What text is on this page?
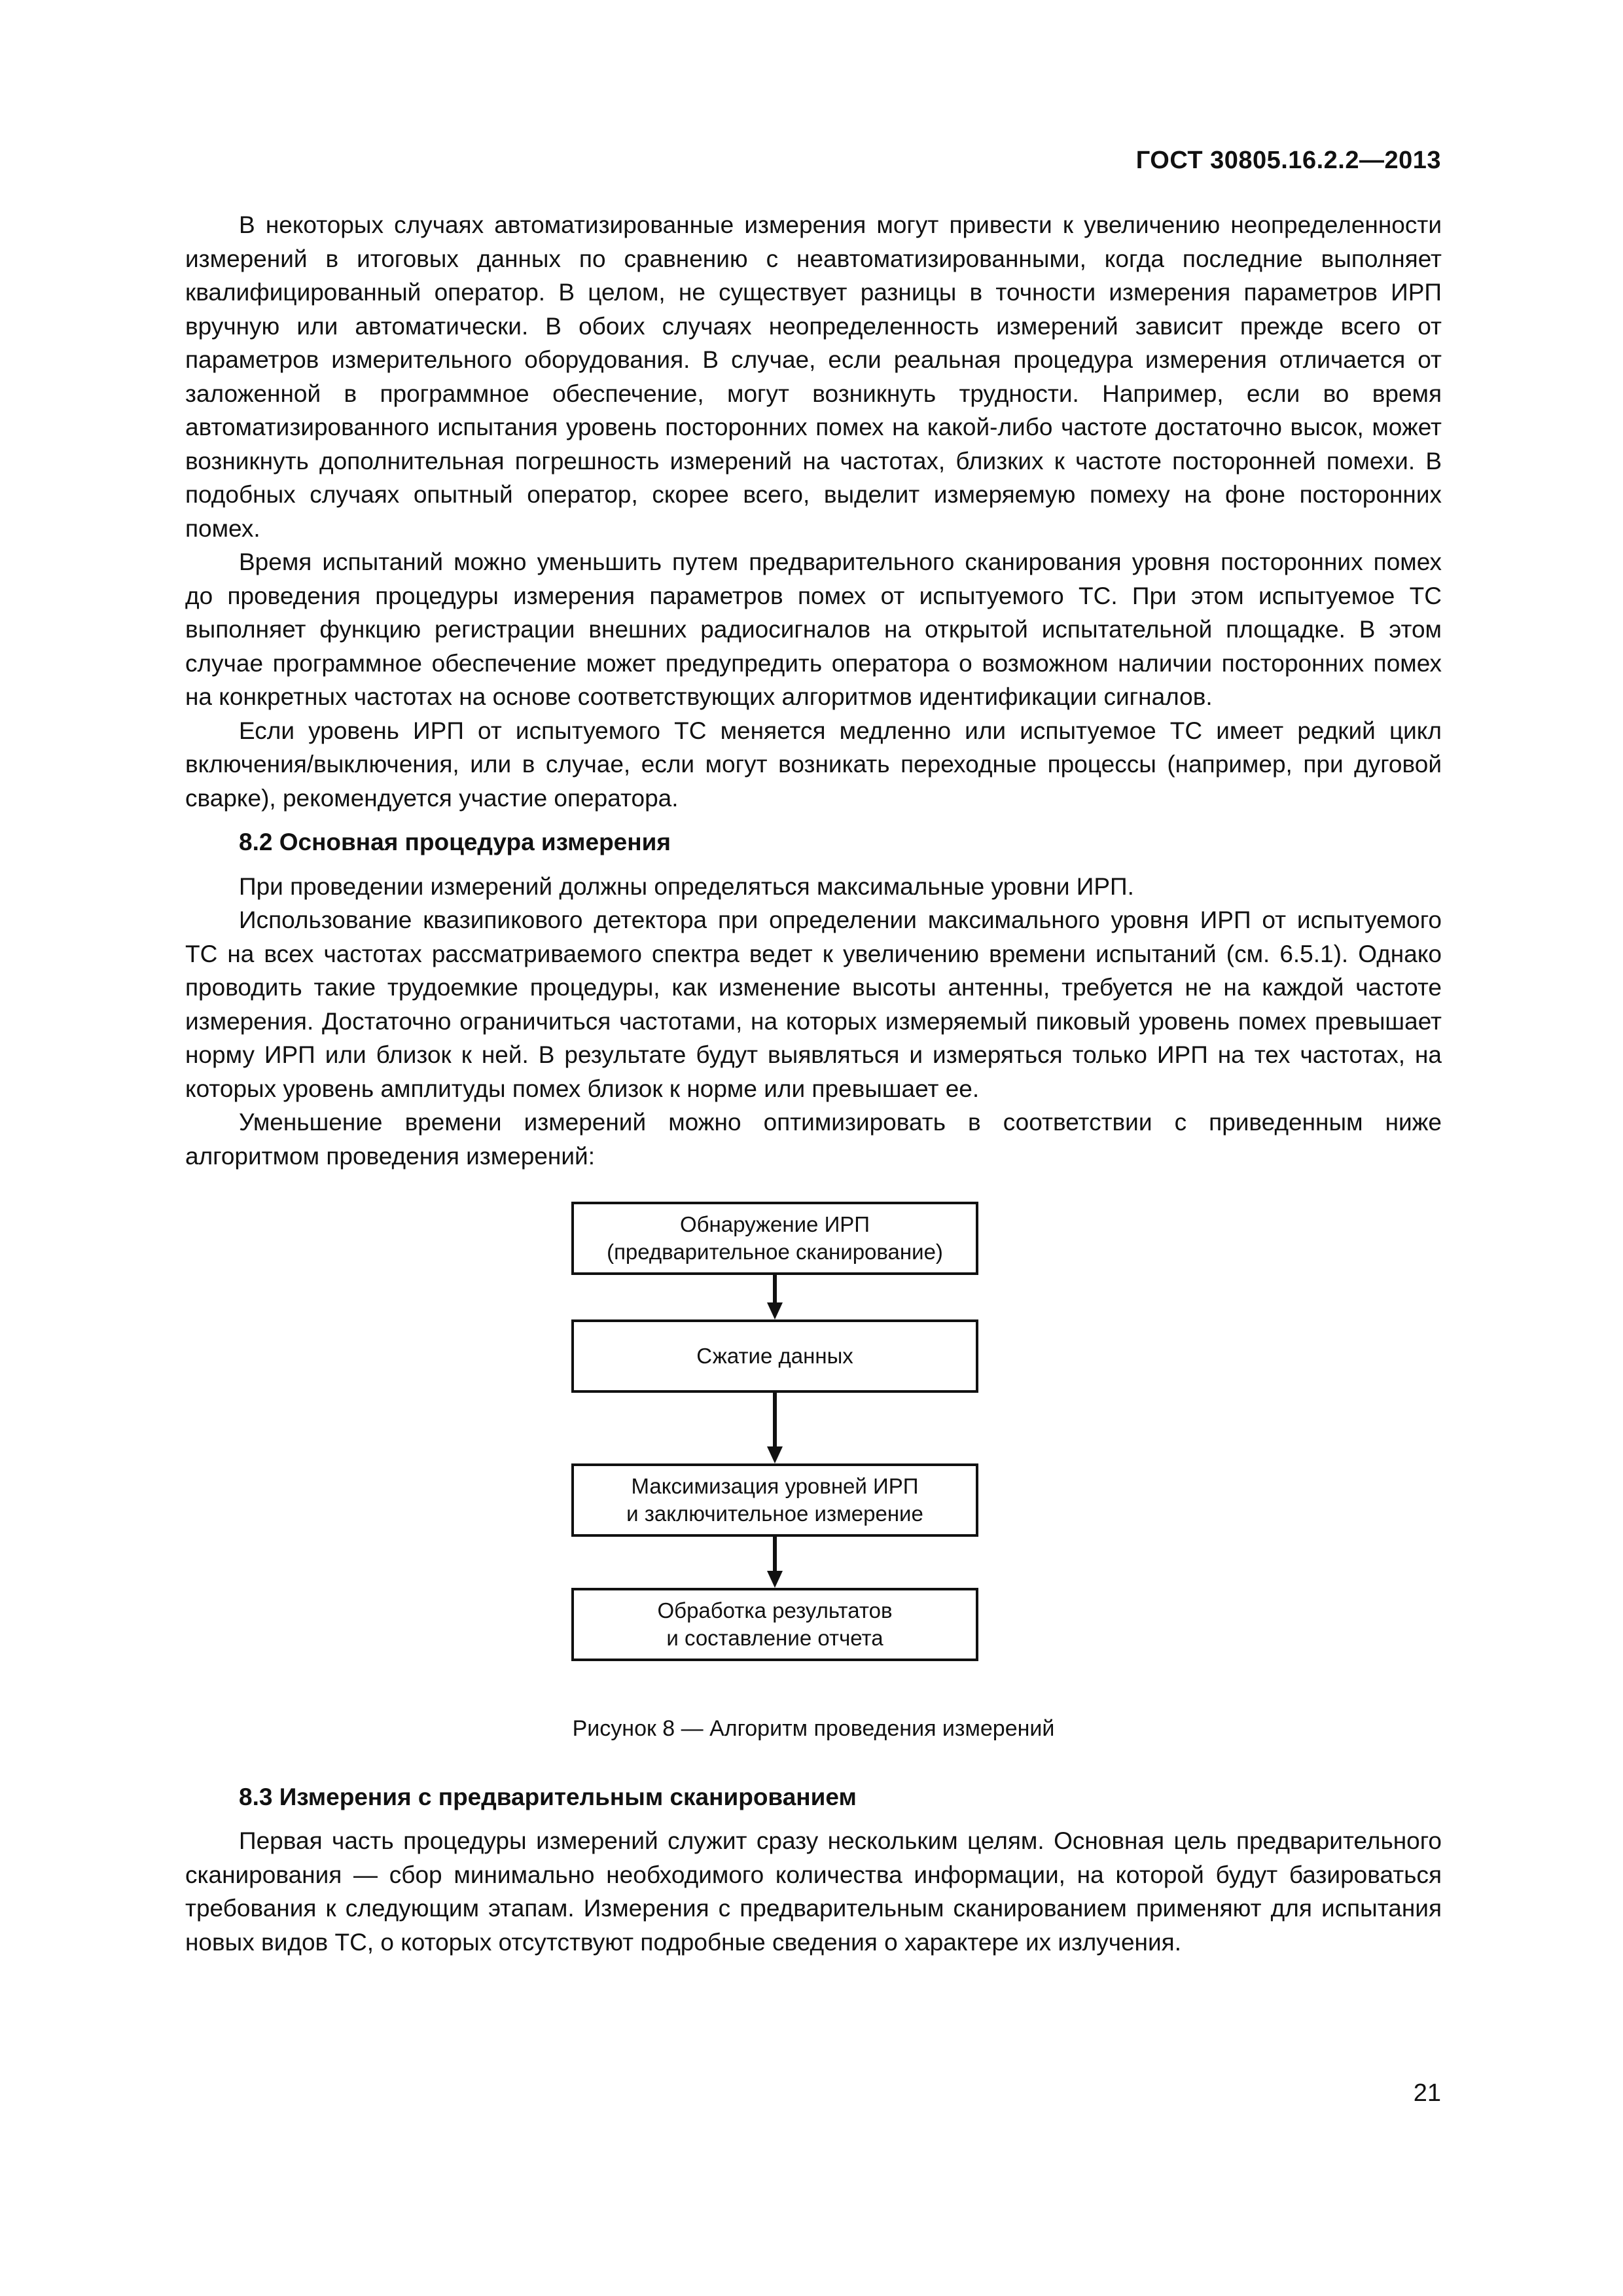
ГОСТ 30805.16.2.2—2013

В некоторых случаях автоматизированные измерения могут привести к увеличению неопределенности измерений в итоговых данных по сравнению с неавтоматизированными, когда последние выполняет квалифицированный оператор. В целом, не существует разницы в точности измерения параметров ИРП вручную или автоматически. В обоих случаях неопределенность измерений зависит прежде всего от параметров измерительного оборудования. В случае, если реальная процедура измерения отличается от заложенной в программное обеспечение, могут возникнуть трудности. Например, если во время автоматизированного испытания уровень посторонних помех на какой-либо частоте достаточно высок, может возникнуть дополнительная погрешность измерений на частотах, близких к частоте посторонней помехи. В подобных случаях опытный оператор, скорее всего, выделит измеряемую помеху на фоне посторонних помех.

Время испытаний можно уменьшить путем предварительного сканирования уровня посторонних помех до проведения процедуры измерения параметров помех от испытуемого ТС. При этом испытуемое ТС выполняет функцию регистрации внешних радиосигналов на открытой испытательной площадке. В этом случае программное обеспечение может предупредить оператора о возможном наличии посторонних помех на конкретных частотах на основе соответствующих алгоритмов идентификации сигналов.

Если уровень ИРП от испытуемого ТС меняется медленно или испытуемое ТС имеет редкий цикл включения/выключения, или в случае, если могут возникать переходные процессы (например, при дуговой сварке), рекомендуется участие оператора.

8.2 Основная процедура измерения

При проведении измерений должны определяться максимальные уровни ИРП.

Использование квазипикового детектора при определении максимального уровня ИРП от испытуемого ТС на всех частотах рассматриваемого спектра ведет к увеличению времени испытаний (см. 6.5.1). Однако проводить такие трудоемкие процедуры, как изменение высоты антенны, требуется не на каждой частоте измерения. Достаточно ограничиться частотами, на которых измеряемый пиковый уровень помех превышает норму ИРП или близок к ней. В результате будут выявляться и измеряться только ИРП на тех частотах, на которых уровень амплитуды помех близок к норме или превышает ее.

Уменьшение времени измерений можно оптимизировать в соответствии с приведенным ниже алгоритмом проведения измерений:

Обнаружение ИРП
(предварительное сканирование)
Сжатие данных
Максимизация уровней ИРП
и заключительное измерение
Обработка результатов
и составление отчета

Рисунок 8 — Алгоритм проведения измерений

8.3 Измерения с предварительным сканированием

Первая часть процедуры измерений служит сразу нескольким целям. Основная цель предварительного сканирования — сбор минимально необходимого количества информации, на которой будут базироваться требования к следующим этапам. Измерения с предварительным сканированием применяют для испытания новых видов ТС, о которых отсутствуют подробные сведения о характере их излучения.

21
